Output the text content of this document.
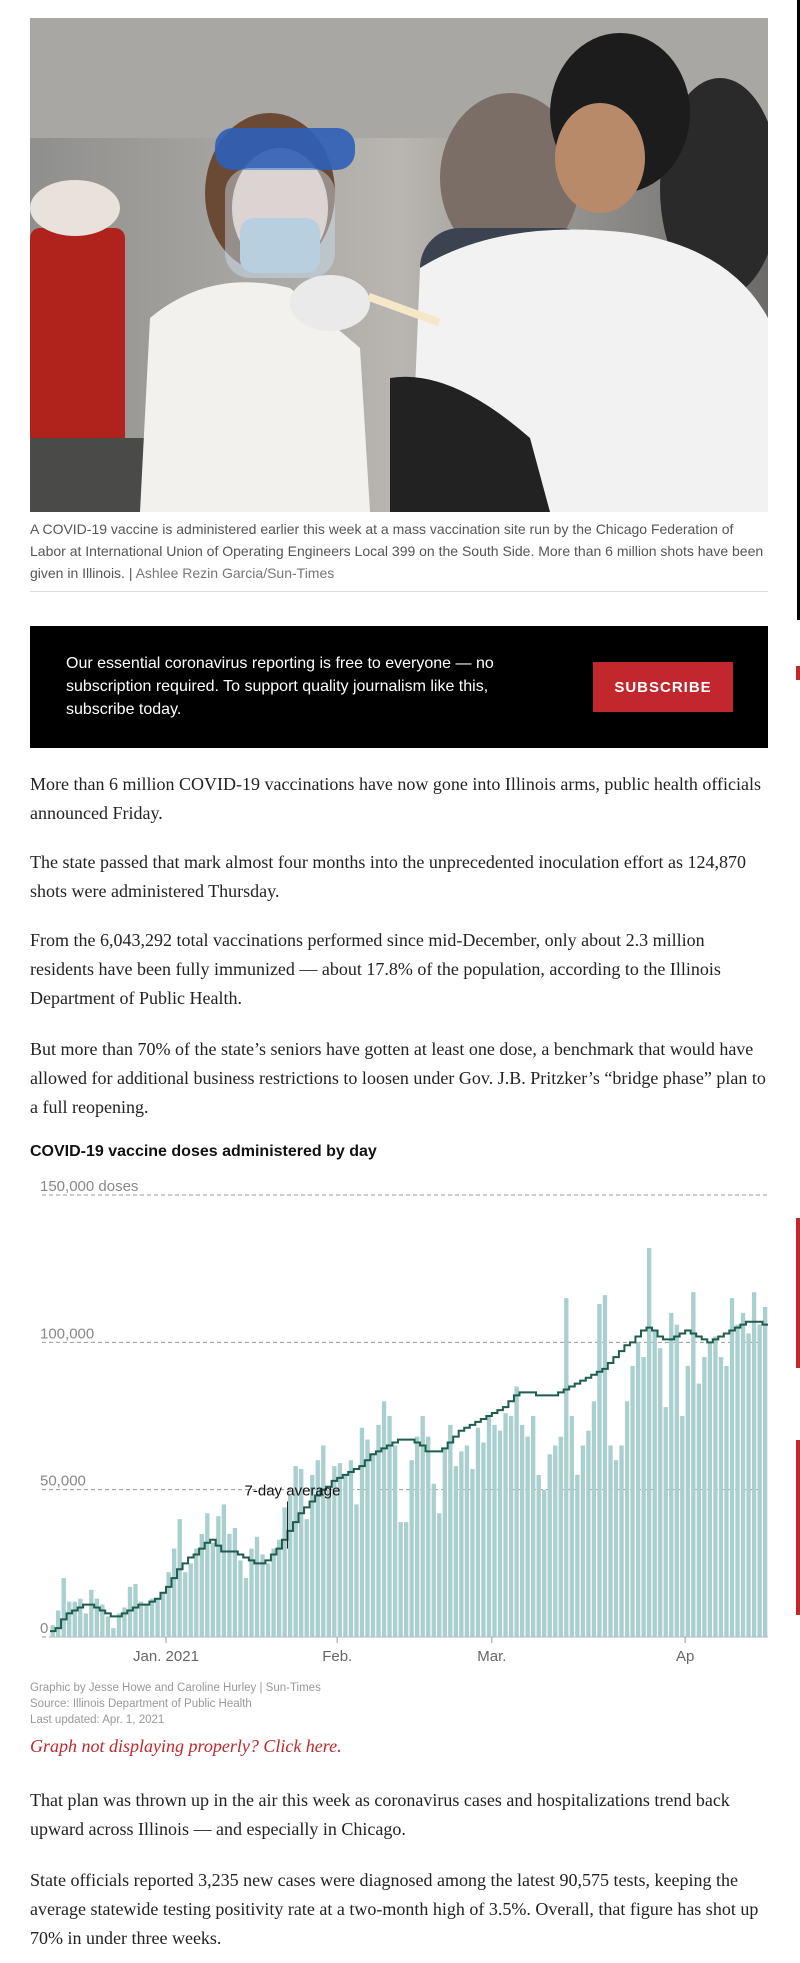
A COVID-19 vaccine is administered earlier this week at a mass vaccination site run by the Chicago Federation of Labor at International Union of Operating Engineers Local 399 on the South Side. More than 6 million shots have been given in Illinois. | Ashlee Rezin Garcia/Sun-Times
Our essential coronavirus reporting is free to everyone — no subscription required. To support quality journalism like this, subscribe today.
SUBSCRIBE

More than 6 million COVID-19 vaccinations have now gone into Illinois arms, public health officials announced Friday.

The state passed that mark almost four months into the unprecedented inoculation effort as 124,870 shots were administered Thursday.

From the 6,043,292 total vaccinations performed since mid-December, only about 2.3 million residents have been fully immunized — about 17.8% of the population, according to the Illinois Department of Public Health.

But more than 70% of the state’s seniors have gotten at least one dose, a benchmark that would have allowed for additional business restrictions to loosen under Gov. J.B. Pritzker’s “bridge phase” plan to a full reopening.

COVID-19 vaccine doses administered by day
150,000 doses
100,000
50,000
0
Jan. 2021	Feb.	Mar.	Ap
7-day average
Graphic by Jesse Howe and Caroline Hurley | Sun-Times
Source: Illinois Department of Public Health
Last updated: Apr. 1, 2021
Graph not displaying properly? Click here.

That plan was thrown up in the air this week as coronavirus cases and hospitalizations trend back upward across Illinois — and especially in Chicago.

State officials reported 3,235 new cases were diagnosed among the latest 90,575 tests, keeping the average statewide testing positivity rate at a two-month high of 3.5%. Overall, that figure has shot up 70% in under three weeks.
